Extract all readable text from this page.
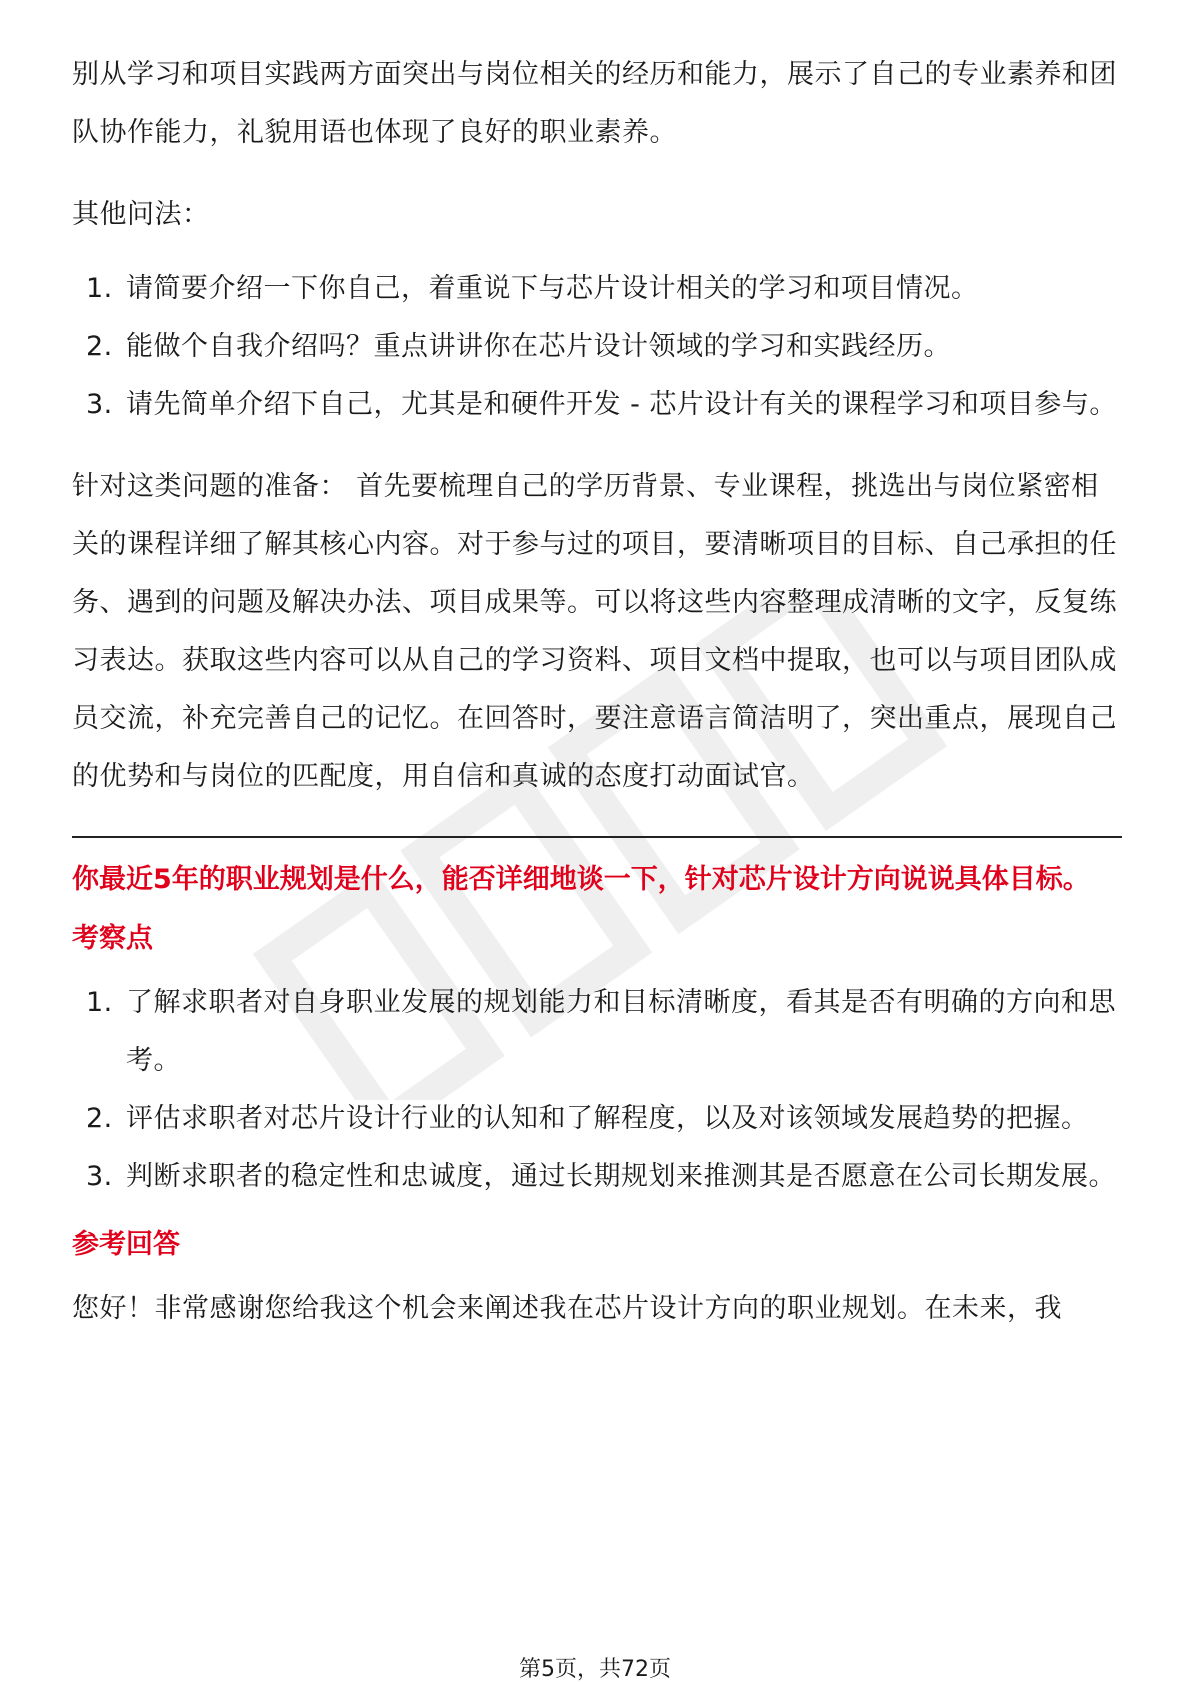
别从学习和项目实践两方面突出与岗位相关的经历和能力，展示了自己的专业素养和团队协作能力，礼貌用语也体现了良好的职业素养。

其他问法：

1. 请简要介绍一下你自己，着重说下与芯片设计相关的学习和项目情况。
2. 能做个自我介绍吗？重点讲讲你在芯片设计领域的学习和实践经历。
3. 请先简单介绍下自己，尤其是和硬件开发 - 芯片设计有关的课程学习和项目参与。

针对这类问题的准备： 首先要梳理自己的学历背景、专业课程，挑选出与岗位紧密相关的课程详细了解其核心内容。对于参与过的项目，要清晰项目的目标、自己承担的任务、遇到的问题及解决办法、项目成果等。可以将这些内容整理成清晰的文字，反复练习表达。获取这些内容可以从自己的学习资料、项目文档中提取，也可以与项目团队成员交流，补充完善自己的记忆。在回答时，要注意语言简洁明了，突出重点，展现自己的优势和与岗位的匹配度，用自信和真诚的态度打动面试官。

你最近5年的职业规划是什么，能否详细地谈一下，针对芯片设计方向说说具体目标。

考察点

1. 了解求职者对自身职业发展的规划能力和目标清晰度，看其是否有明确的方向和思考。
2. 评估求职者对芯片设计行业的认知和了解程度，以及对该领域发展趋势的把握。
3. 判断求职者的稳定性和忠诚度，通过长期规划来推测其是否愿意在公司长期发展。

参考回答

您好！非常感谢您给我这个机会来阐述我在芯片设计方向的职业规划。在未来，我

第5页，共72页
